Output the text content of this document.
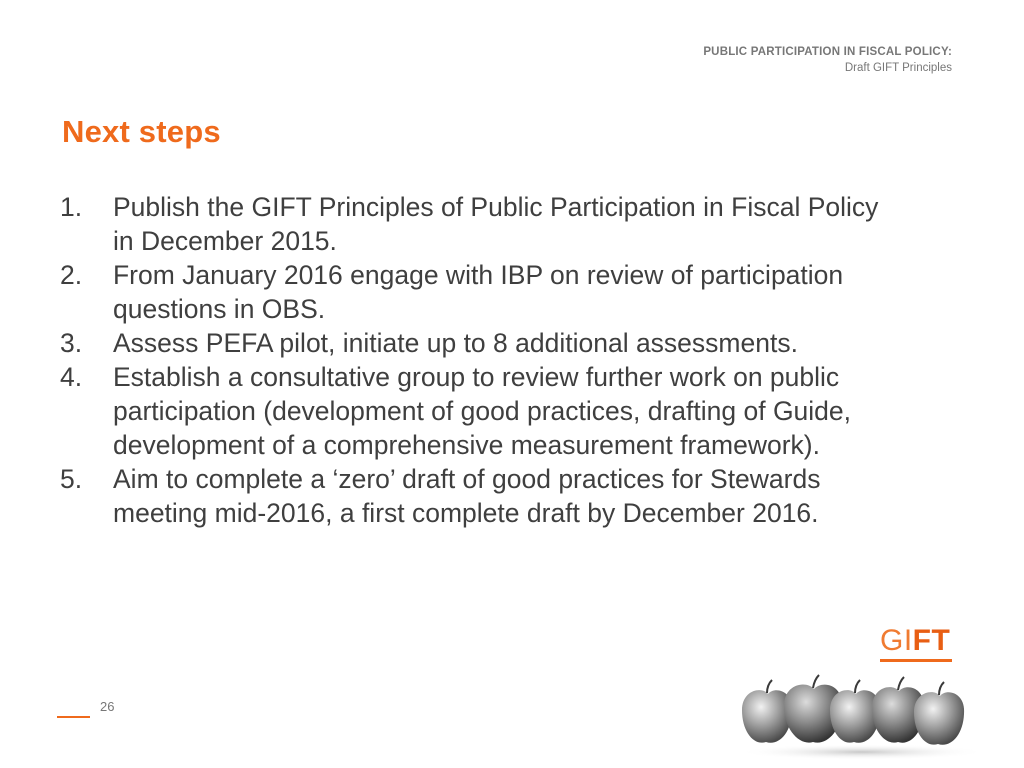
PUBLIC PARTICIPATION IN FISCAL POLICY:
Draft GIFT Principles
Next steps
1. Publish the GIFT Principles of Public Participation in Fiscal Policy
in December 2015.
2. From January 2016 engage with IBP on review of participation
questions in OBS.
3. Assess PEFA pilot, initiate up to 8 additional assessments.
4. Establish a consultative group to review further work on public
participation (development of good practices, drafting of Guide,
development of a comprehensive measurement framework).
5. Aim to complete a ‘zero’ draft of good practices for Stewards
meeting mid-2016, a first complete draft by December 2016.
26
GIFT
